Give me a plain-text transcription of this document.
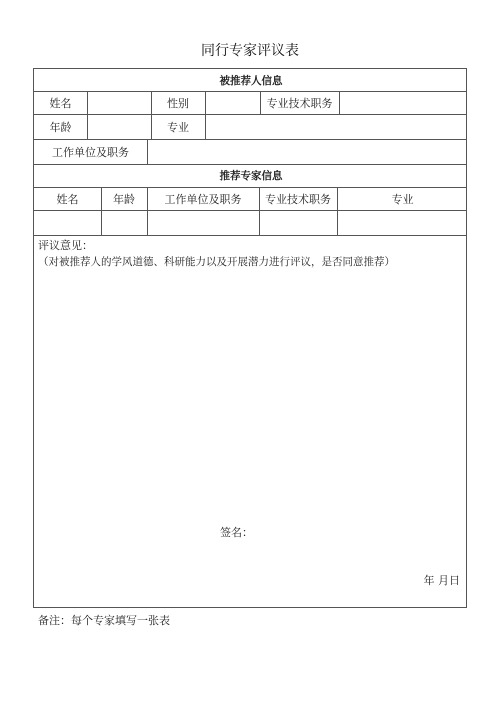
同行专家评议表
被推荐人信息
姓名	性别	专业技术职务
年龄	专业
工作单位及职务
推荐专家信息
姓名	年龄	工作单位及职务	专业技术职务	专业
评议意见：
（对被推荐人的学风道德、科研能力以及开展潜力进行评议，是否同意推荐）
签名：
年 月日
备注：每个专家填写一张表
